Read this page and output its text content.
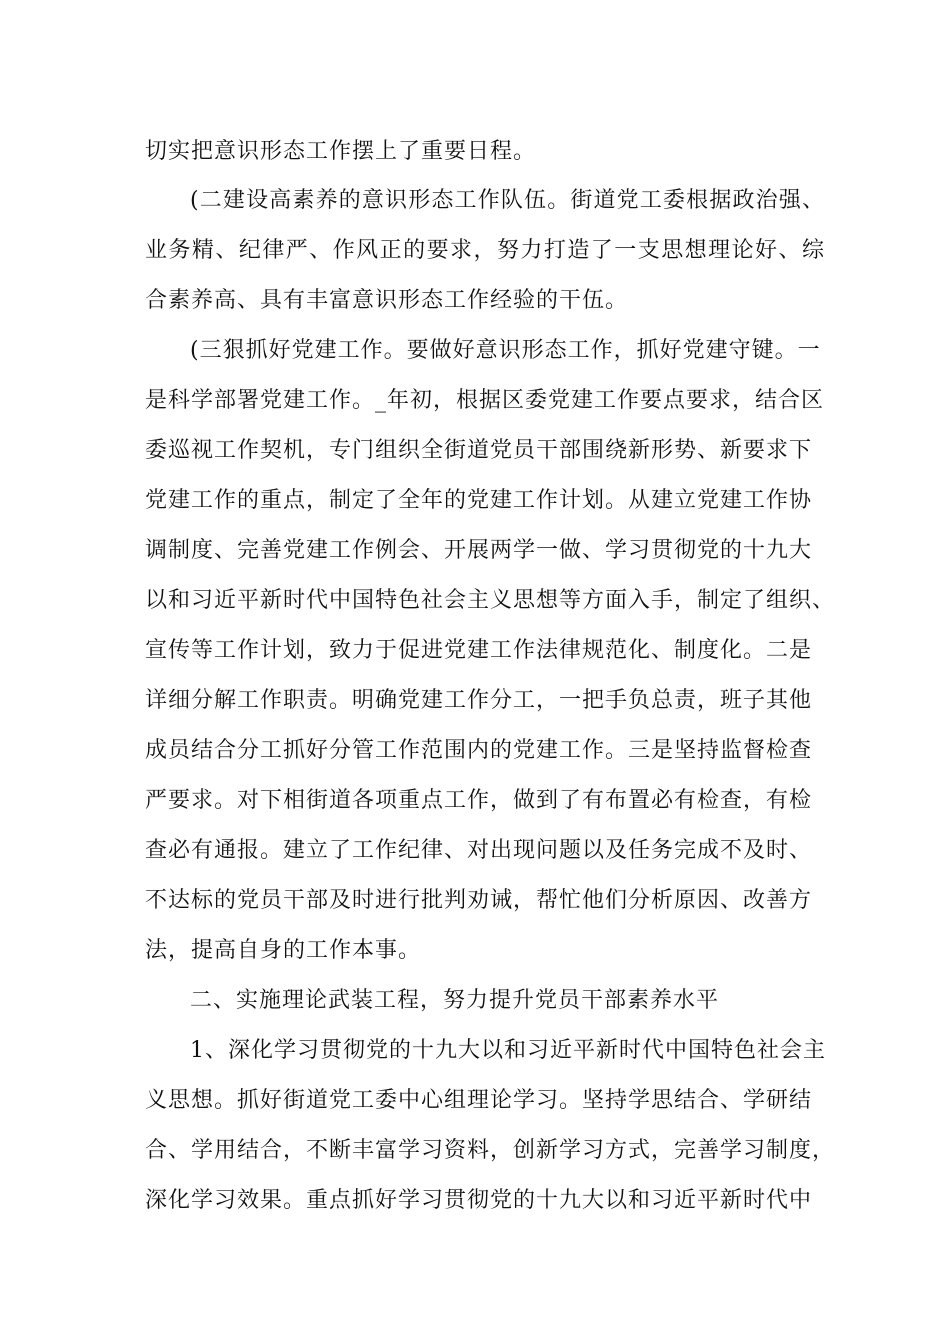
切实把意识形态工作摆上了重要日程。
(二建设高素养的意识形态工作队伍。街道党工委根据政治强、
业务精、纪律严、作风正的要求，努力打造了一支思想理论好、综
合素养高、具有丰富意识形态工作经验的干伍。
(三狠抓好党建工作。要做好意识形态工作，抓好党建守键。一
是科学部署党建工作。_年初，根据区委党建工作要点要求，结合区
委巡视工作契机，专门组织全街道党员干部围绕新形势、新要求下
党建工作的重点，制定了全年的党建工作计划。从建立党建工作协
调制度、完善党建工作例会、开展两学一做、学习贯彻党的十九大
以和习近平新时代中国特色社会主义思想等方面入手，制定了组织、
宣传等工作计划，致力于促进党建工作法律规范化、制度化。二是
详细分解工作职责。明确党建工作分工，一把手负总责，班子其他
成员结合分工抓好分管工作范围内的党建工作。三是坚持监督检查
严要求。对下相街道各项重点工作，做到了有布置必有检查，有检
查必有通报。建立了工作纪律、对出现问题以及任务完成不及时、
不达标的党员干部及时进行批判劝诫，帮忙他们分析原因、改善方
法，提高自身的工作本事。
二、实施理论武装工程，努力提升党员干部素养水平
1、深化学习贯彻党的十九大以和习近平新时代中国特色社会主
义思想。抓好街道党工委中心组理论学习。坚持学思结合、学研结
合、学用结合，不断丰富学习资料，创新学习方式，完善学习制度，
深化学习效果。重点抓好学习贯彻党的十九大以和习近平新时代中
